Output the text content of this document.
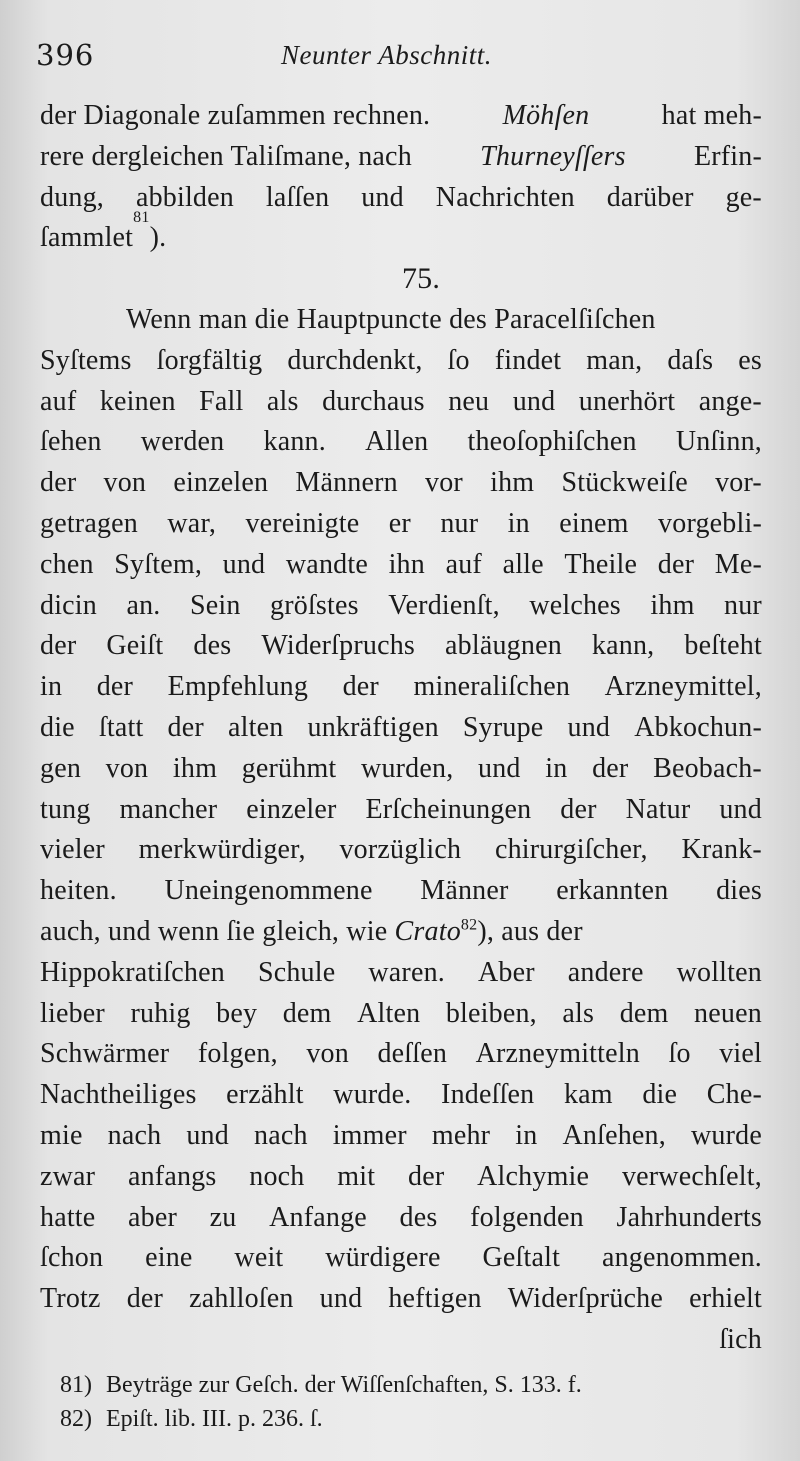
396	Neunter Abschnitt.
der Diagonale zuſammen rechnen.	Möhſen	hat meh-
rere dergleichen Taliſmane, nach Thurneyſſers Erfin-
dung, abbilden laſſen und Nachrichten darüber ge-
ſammlet
81
).
75.
Wenn man die Hauptpuncte des Paracelſiſchen
Syſtems ſorgfältig durchdenkt, ſo findet man, daſs es
auf keinen Fall als durchaus neu und unerhört ange-
ſehen werden kann. Allen theoſophiſchen Unſinn,
der von einzelen Männern vor ihm Stückweiſe vor-
getragen war, vereinigte er nur in einem vorgebli-
chen Syſtem, und wandte ihn auf alle Theile der Me-
dicin an. Sein gröſstes Verdienſt, welches ihm nur
der Geiſt des Widerſpruchs abläugnen kann, beſteht
in der Empfehlung der mineraliſchen Arzneymittel,
die ſtatt der alten unkräftigen Syrupe und Abkochun-
gen von ihm gerühmt wurden, und in der Beobach-
tung mancher einzeler Erſcheinungen der Natur und
vieler merkwürdiger, vorzüglich chirurgiſcher, Krank-
heiten. Uneingenommene Männer erkannten dies
auch, und wenn ſie gleich, wie Crato$^{82}$), aus der
Hippokratiſchen Schule waren. Aber andere wollten
lieber ruhig bey dem Alten bleiben, als dem neuen
Schwärmer folgen, von deſſen Arzneymitteln ſo viel
Nachtheiliges erzählt wurde. Indeſſen kam die Che-
mie nach und nach immer mehr in Anſehen, wurde
zwar anfangs noch mit der Alchymie verwechſelt,
hatte aber zu Anfange des folgenden Jahrhunderts
ſchon eine weit würdigere Geſtalt angenommen.
Trotz der zahlloſen und heftigen Widerſprüche erhielt
ſich
81) Beyträge zur Geſch. der Wiſſenſchaften, S. 133. f.
82) Epiſt. lib. III. p. 236. ſ.
